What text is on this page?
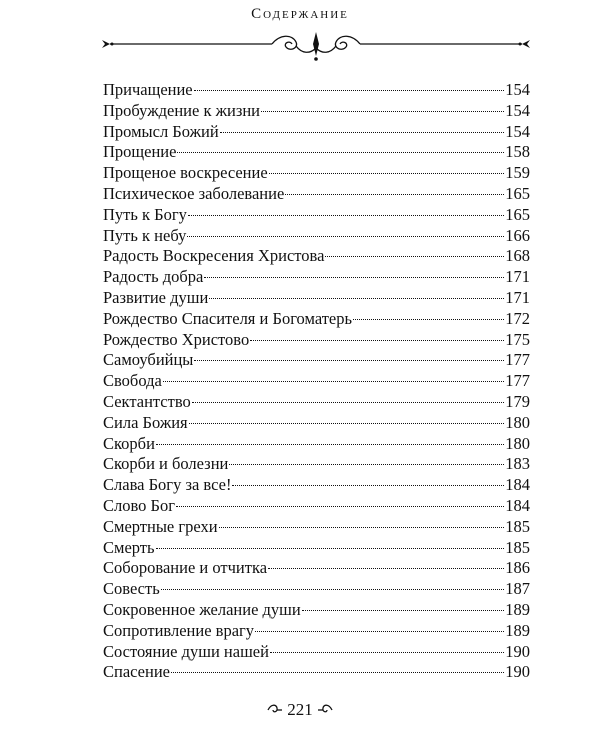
Содержание
Причащение	154
Пробуждение к жизни	154
Промысл Божий	154
Прощение	158
Прощеное воскресение	159
Психическое заболевание	165
Путь к Богу	165
Путь к небу	166
Радость Воскресения Христова	168
Радость добра	171
Развитие души	171
Рождество Спасителя и Богоматерь	172
Рождество Христово	175
Самоубийцы	177
Свобода	177
Сектантство	179
Сила Божия	180
Скорби	180
Скорби и болезни	183
Слава Богу за все!	184
Слово Бог	184
Смертные грехи	185
Смерть	185
Соборование и отчитка	186
Совесть	187
Сокровенное желание души	189
Сопротивление врагу	189
Состояние души нашей	190
Спасение	190
221
